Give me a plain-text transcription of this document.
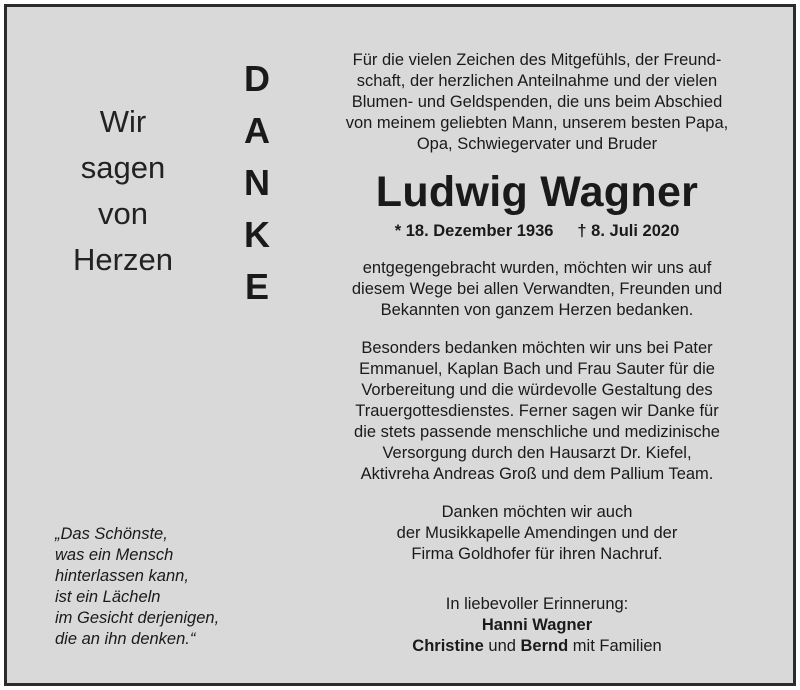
Wir
sagen
von
Herzen
D
A
N
K
E
„Das Schönste,
was ein Mensch
hinterlassen kann,
ist ein Lächeln
im Gesicht derjenigen,
die an ihn denken.“

Für die vielen Zeichen des Mitgefühls, der Freund-

schaft, der herzlichen Anteilnahme und der vielen

Blumen- und Geldspenden, die uns beim Abschied

von meinem geliebten Mann, unserem besten Papa,

Opa, Schwiegervater und Bruder

Ludwig Wagner
* 18. Dezember 1936 † 8. Juli 2020

entgegengebracht wurden, möchten wir uns auf

diesem Wege bei allen Verwandten, Freunden und

Bekannten von ganzem Herzen bedanken.

Besonders bedanken möchten wir uns bei Pater

Emmanuel, Kaplan Bach und Frau Sauter für die

Vorbereitung und die würdevolle Gestaltung des

Trauergottesdienstes. Ferner sagen wir Danke für

die stets passende menschliche und medizinische

Versorgung durch den Hausarzt Dr. Kiefel,

Aktivreha Andreas Groß und dem Pallium Team.

Danken möchten wir auch

der Musikkapelle Amendingen und der

Firma Goldhofer für ihren Nachruf.

In liebevoller Erinnerung:

Hanni Wagner

Christine und Bernd mit Familien
